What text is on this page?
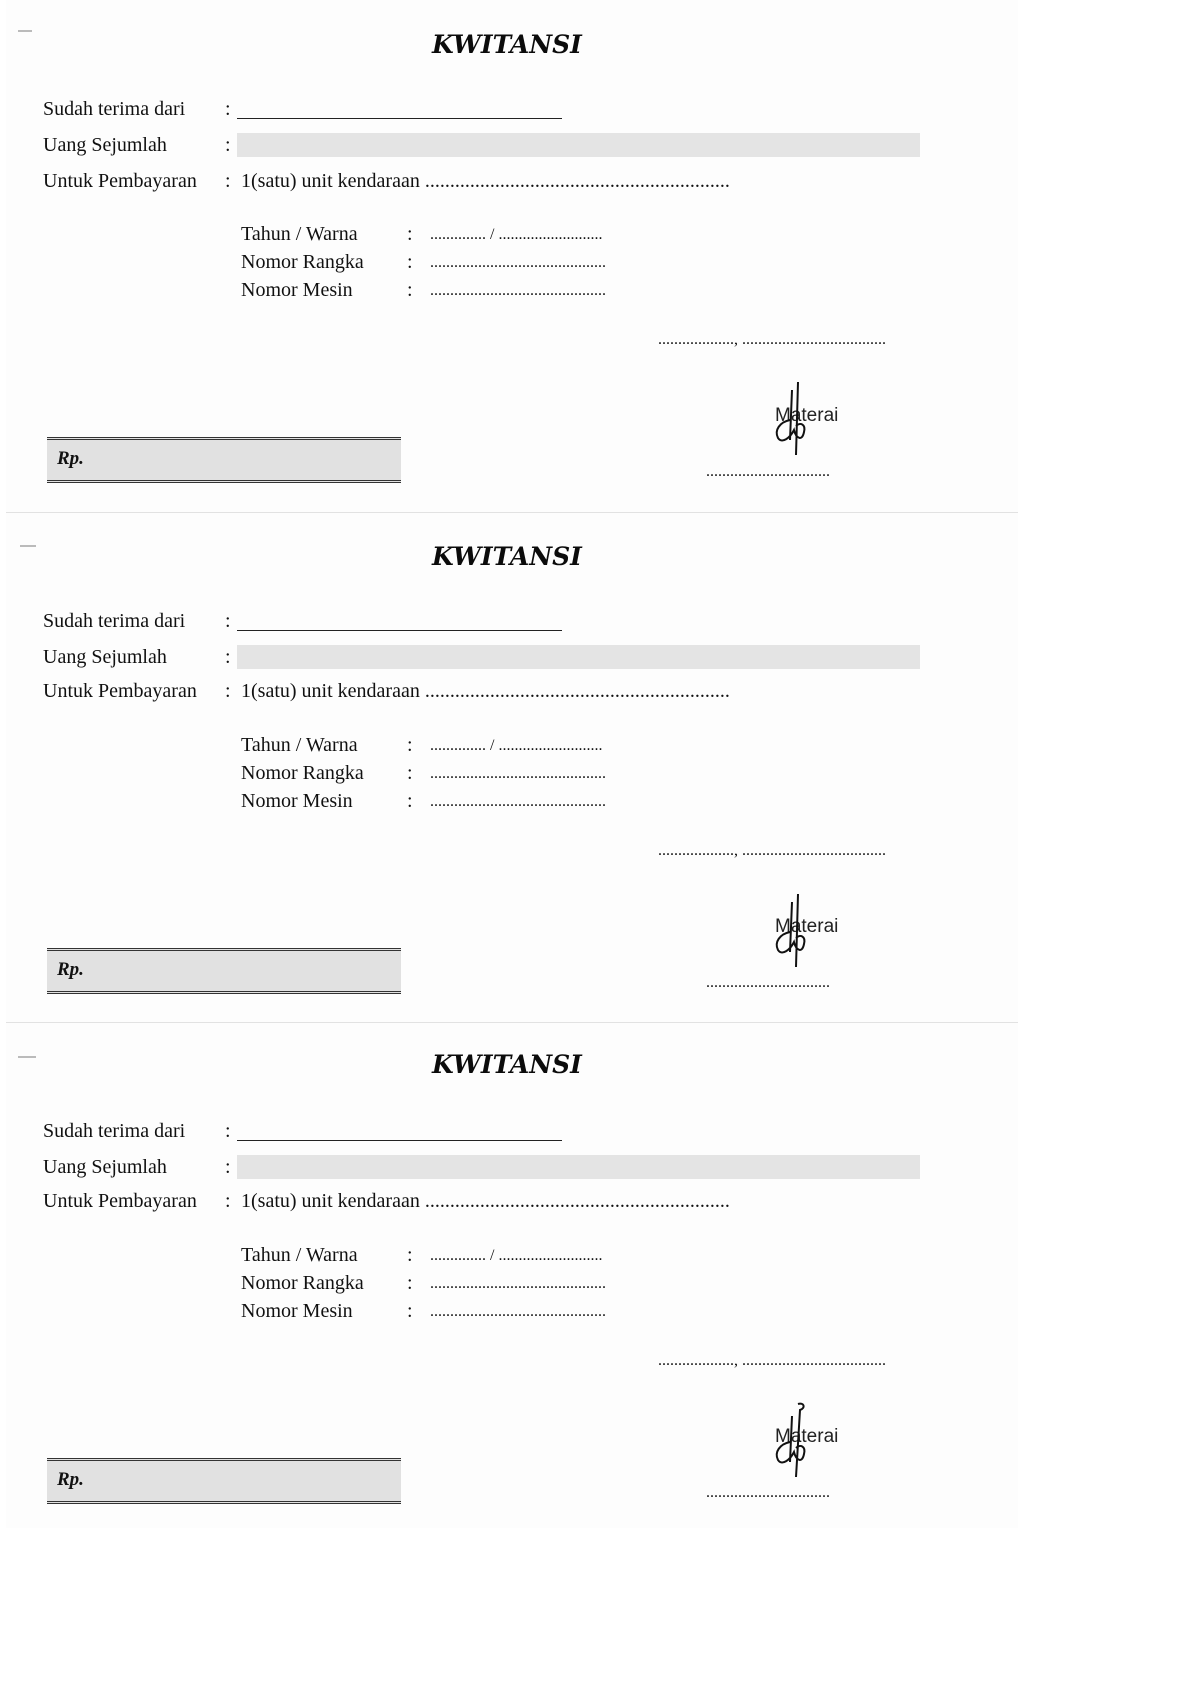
KWITANSI
Sudah terima dari :
Uang Sejumlah	:
Untuk Pembayaran : 1(satu) unit kendaraan .............................................................
Tahun / Warna : .............. / ..........................
Nomor Rangka : ............................................
Nomor Mesin	: ............................................
..................., ....................................
Materai
...............................
Rp.
KWITANSI
Sudah terima dari :
Uang Sejumlah	:
Untuk Pembayaran : 1(satu) unit kendaraan .............................................................
Tahun / Warna : .............. / ..........................
Nomor Rangka : ............................................
Nomor Mesin	: ............................................
..................., ....................................
Materai
...............................
Rp.
KWITANSI
Sudah terima dari :
Uang Sejumlah	:
Untuk Pembayaran : 1(satu) unit kendaraan .............................................................
Tahun / Warna : .............. / ..........................
Nomor Rangka : ............................................
Nomor Mesin	: ............................................
..................., ....................................
Materai
...............................
Rp.
